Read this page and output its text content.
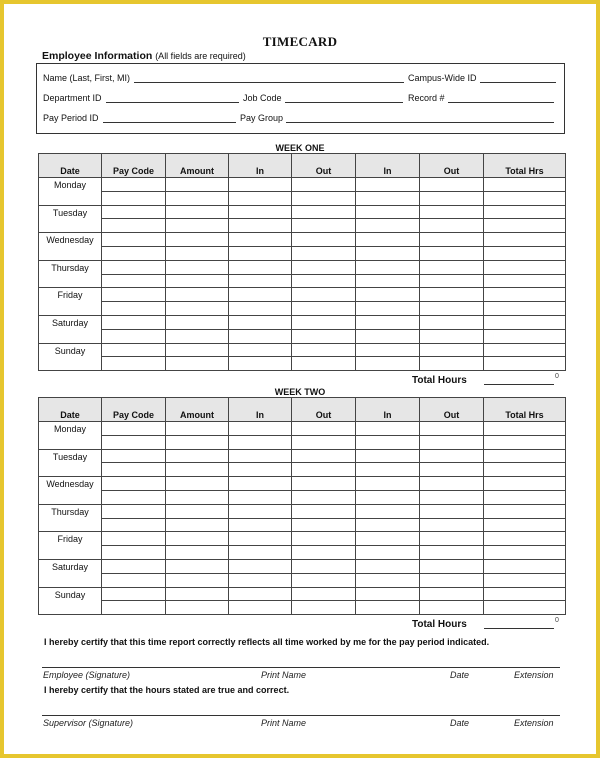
TIMECARD
Employee Information (All fields are required)
Name (Last, First, MI)	Campus-Wide ID
Department ID	Job Code	Record #
Pay Period ID	Pay Group
WEEK ONE
Date	Pay Code	Amount	In	Out	In	Out	Total Hrs
Monday							

Tuesday							

Wednesday							

Thursday							

Friday							

Saturday							

Sunday							

Total Hours	0
WEEK TWO
Date	Pay Code	Amount	In	Out	In	Out	Total Hrs
Monday							

Tuesday							

Wednesday							

Thursday							

Friday							

Saturday							

Sunday							

Total Hours	0
I hereby certify that this time report correctly reflects all time worked by me for the pay period indicated.
Employee (Signature)	Print Name	Date	Extension
I hereby certify that the hours stated are true and correct.
Supervisor (Signature)	Print Name	Date	Extension
